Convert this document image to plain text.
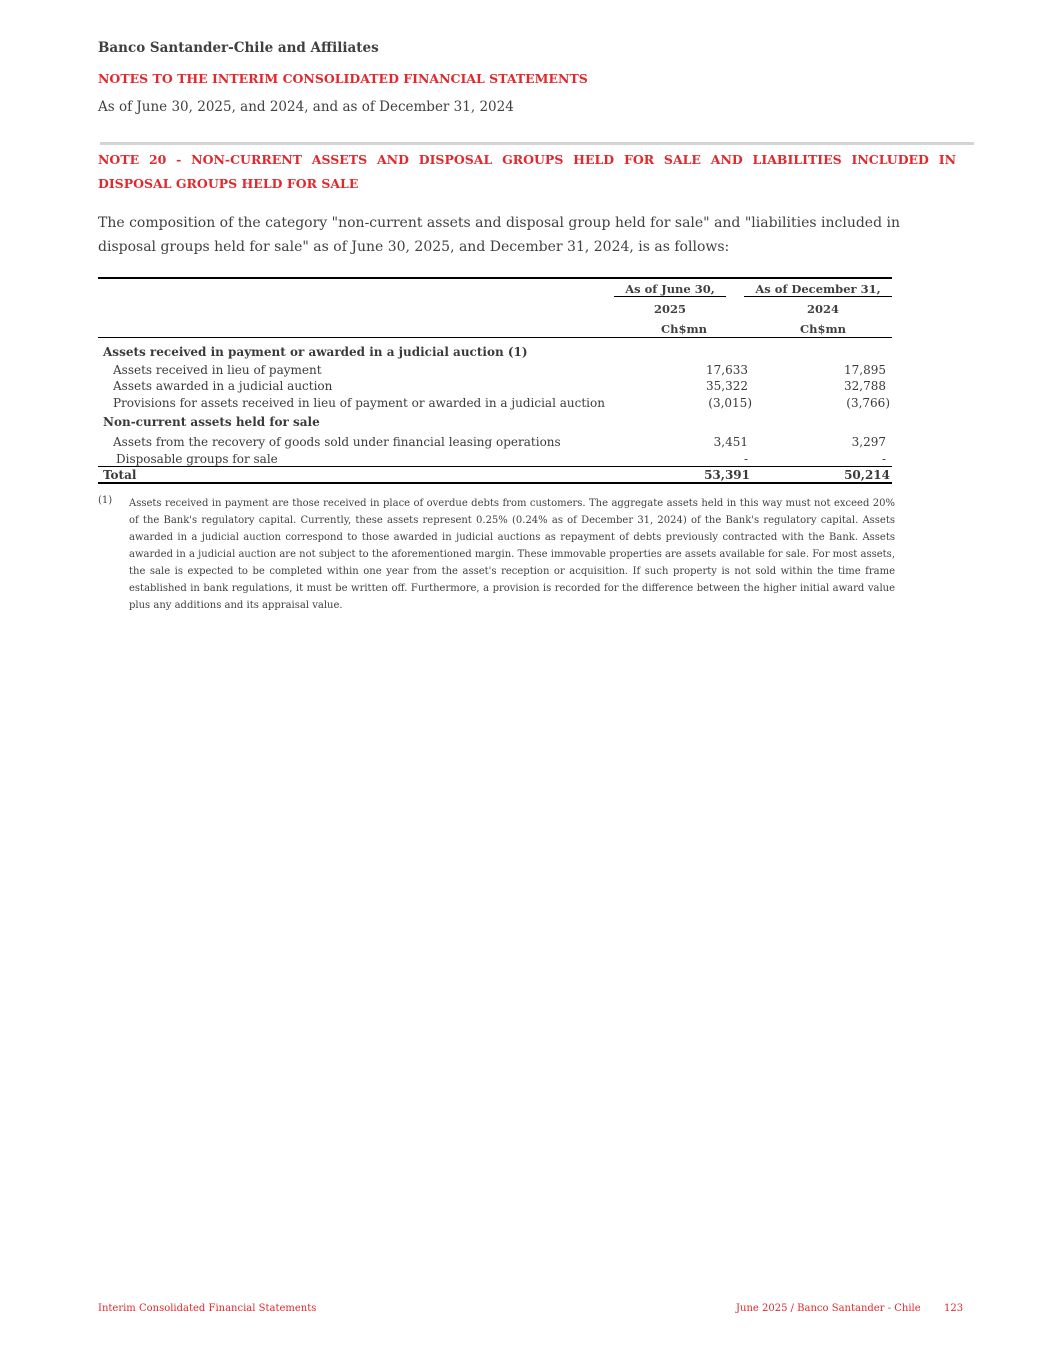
Banco Santander-Chile and Affiliates
NOTES TO THE INTERIM CONSOLIDATED FINANCIAL STATEMENTS
As of June 30, 2025, and 2024, and as of December 31, 2024
NOTE 20 - NON-CURRENT ASSETS AND DISPOSAL GROUPS HELD FOR SALE AND LIABILITIES INCLUDED IN DISPOSAL GROUPS HELD FOR SALE
The composition of the category "non-current assets and disposal group held for sale" and "liabilities included in disposal groups held for sale" as of June 30, 2025, and December 31, 2024, is as follows:
As of June 30,	As of December 31,
2025	2024
Ch$mn	Ch$mn
Assets received in payment or awarded in a judicial auction (1)
Assets received in lieu of payment	17,633	17,895
Assets awarded in a judicial auction	35,322	32,788
Provisions for assets received in lieu of payment or awarded in a judicial auction	(3,015)	(3,766)
Non-current assets held for sale
Assets from the recovery of goods sold under financial leasing operations	3,451	3,297
Disposable groups for sale	-	-
Total	53,391	50,214
(1) Assets received in payment are those received in place of overdue debts from customers. The aggregate assets held in this way must not exceed 20% of the Bank's regulatory capital. Currently, these assets represent 0.25% (0.24% as of December 31, 2024) of the Bank's regulatory capital. Assets awarded in a judicial auction correspond to those awarded in judicial auctions as repayment of debts previously contracted with the Bank. Assets awarded in a judicial auction are not subject to the aforementioned margin. These immovable properties are assets available for sale. For most assets, the sale is expected to be completed within one year from the asset's reception or acquisition. If such property is not sold within the time frame established in bank regulations, it must be written off. Furthermore, a provision is recorded for the difference between the higher initial award value plus any additions and its appraisal value.
Interim Consolidated Financial Statements	June 2025 / Banco Santander - Chile 123
